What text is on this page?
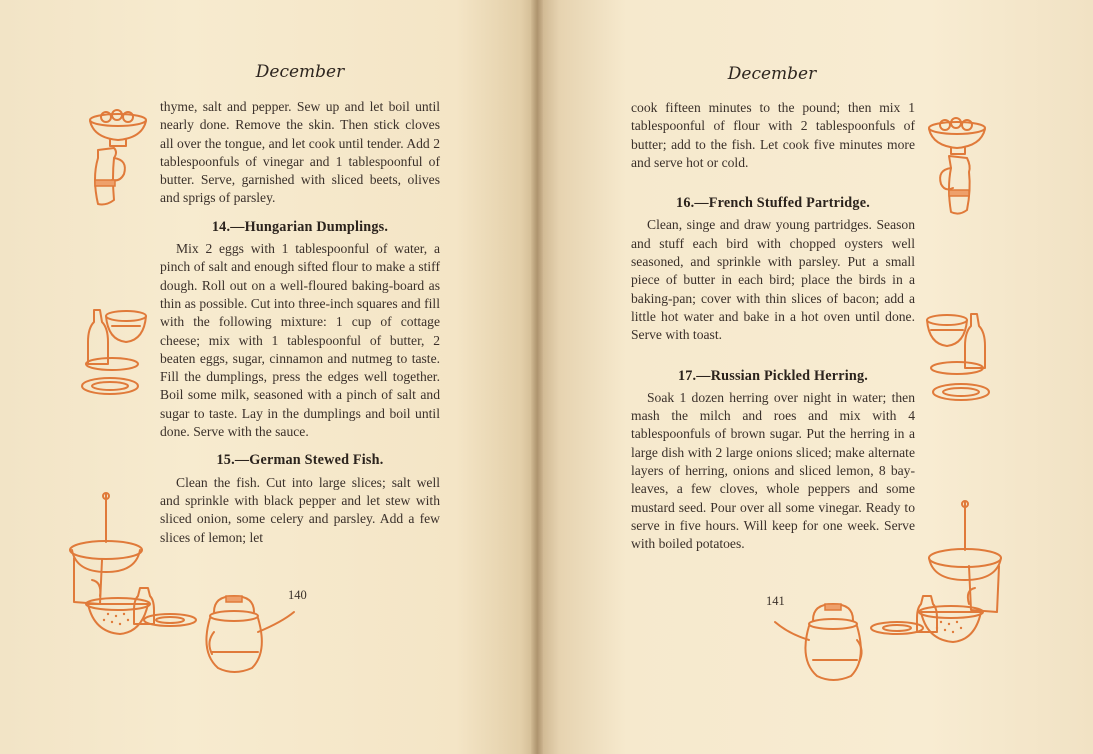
December

thyme, salt and pepper. Sew up and let boil until nearly done. Remove the skin. Then stick cloves all over the tongue, and let cook until tender. Add 2 tablespoonfuls of vinegar and 1 tablespoonful of butter. Serve, garnished with sliced beets, olives and sprigs of parsley.

14.—Hungarian Dumplings.

Mix 2 eggs with 1 tablespoonful of water, a pinch of salt and enough sifted flour to make a stiff dough. Roll out on a well-floured baking-board as thin as possible. Cut into three-inch squares and fill with the following mixture: 1 cup of cottage cheese; mix with 1 tablespoonful of butter, 2 beaten eggs, sugar, cinnamon and nutmeg to taste. Fill the dumplings, press the edges well together. Boil some milk, seasoned with a pinch of salt and sugar to taste. Lay in the dumplings and boil until done. Serve with the sauce.

15.—German Stewed Fish.

Clean the fish. Cut into large slices; salt well and sprinkle with black pepper and let stew with sliced onion, some celery and parsley. Add a few slices of lemon; let

140
December

cook fifteen minutes to the pound; then mix 1 tablespoonful of flour with 2 tablespoonfuls of butter; add to the fish. Let cook five minutes more and serve hot or cold.

16.—French Stuffed Partridge.

Clean, singe and draw young partridges. Season and stuff each bird with chopped oysters well seasoned, and sprinkle with parsley. Put a small piece of butter in each bird; place the birds in a baking-pan; cover with thin slices of bacon; add a little hot water and bake in a hot oven until done. Serve with toast.

17.—Russian Pickled Herring.

Soak 1 dozen herring over night in water; then mash the milch and roes and mix with 4 tablespoonfuls of brown sugar. Put the herring in a large dish with 2 large onions sliced; make alternate layers of herring, onions and sliced lemon, 8 bay-leaves, a few cloves, whole peppers and some mustard seed. Pour over all some vinegar. Ready to serve in five hours. Will keep for one week. Serve with boiled potatoes.

141
